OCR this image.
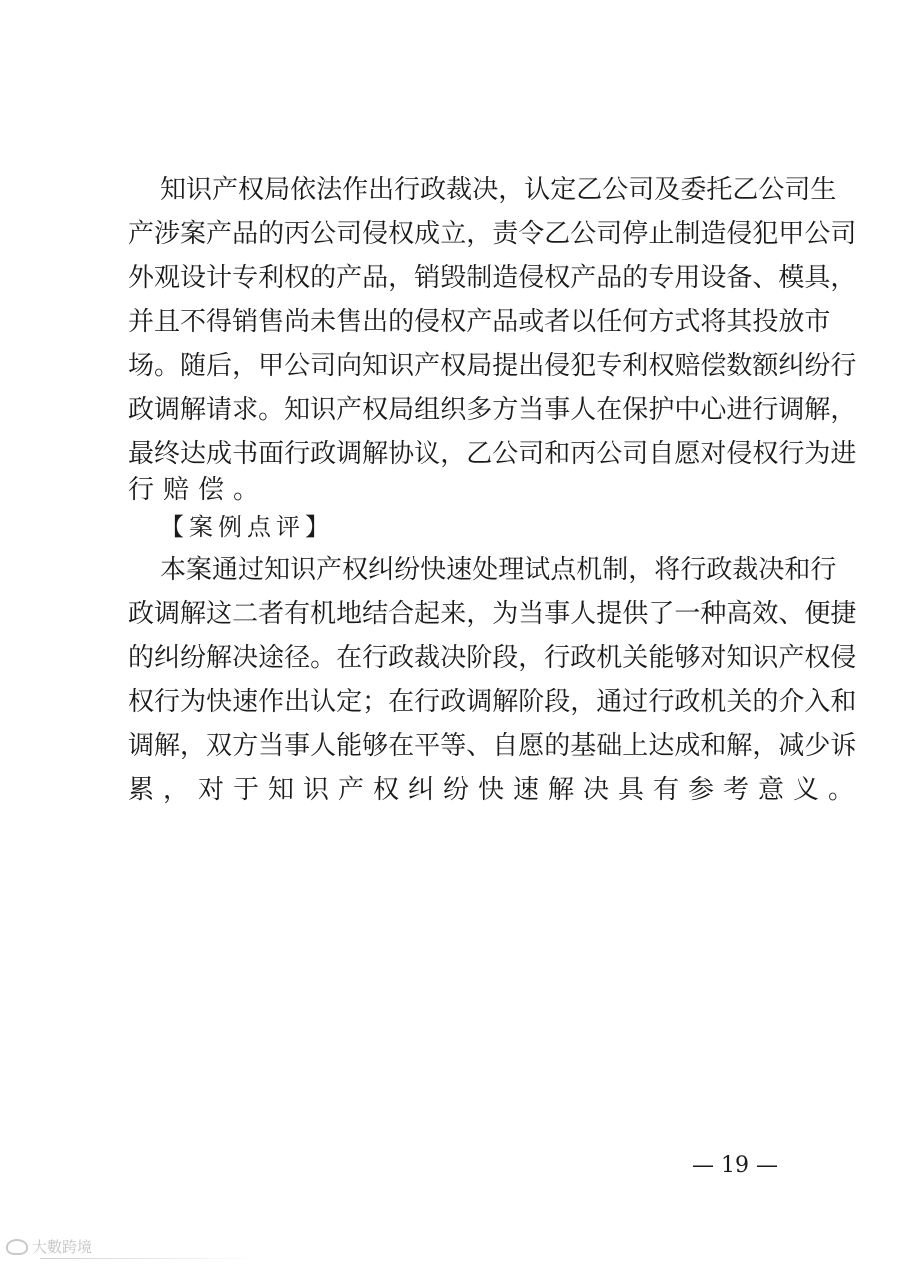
知 识 产 权 局 依 法 作 出 行 政 裁 决 ， 认 定 乙 公 司 及 委 托 乙 公 司 生
产 涉 案 产 品 的 丙 公 司 侵 权 成 立 ， 责 令 乙 公 司 停 止 制 造 侵 犯 甲 公 司
外 观 设 计 专 利 权 的 产 品 ， 销 毁 制 造 侵 权 产 品 的 专 用 设 备 、 模 具 ，
并 且 不 得 销 售 尚 未 售 出 的 侵 权 产 品 或 者 以 任 何 方 式 将 其 投 放 市
场 。 随 后 ， 甲 公 司 向 知 识 产 权 局 提 出 侵 犯 专 利 权 赔 偿 数 额 纠 纷 行
政 调 解 请 求 。 知 识 产 权 局 组 织 多 方 当 事 人 在 保 护 中 心 进 行 调 解 ，
最 终 达 成 书 面 行 政 调 解 协 议 ， 乙 公 司 和 丙 公 司 自 愿 对 侵 权 行 为 进
行赔偿。
【案例点评】
本 案 通 过 知 识 产 权 纠 纷 快 速 处 理 试 点 机 制 ， 将 行 政 裁 决 和 行
政 调 解 这 二 者 有 机 地 结 合 起 来 ， 为 当 事 人 提 供 了 一 种 高 效 、 便 捷
的 纠 纷 解 决 途 径 。 在 行 政 裁 决 阶 段 ， 行 政 机 关 能 够 对 知 识 产 权 侵
权 行 为 快 速 作 出 认 定 ； 在 行 政 调 解 阶 段 ， 通 过 行 政 机 关 的 介 入 和
调 解 ， 双 方 当 事 人 能 够 在 平 等 、 自 愿 的 基 础 上 达 成 和 解 ， 减 少 诉
累，对于知识产权纠纷快速解决具有参考意义。
— 19 —
大數跨境
